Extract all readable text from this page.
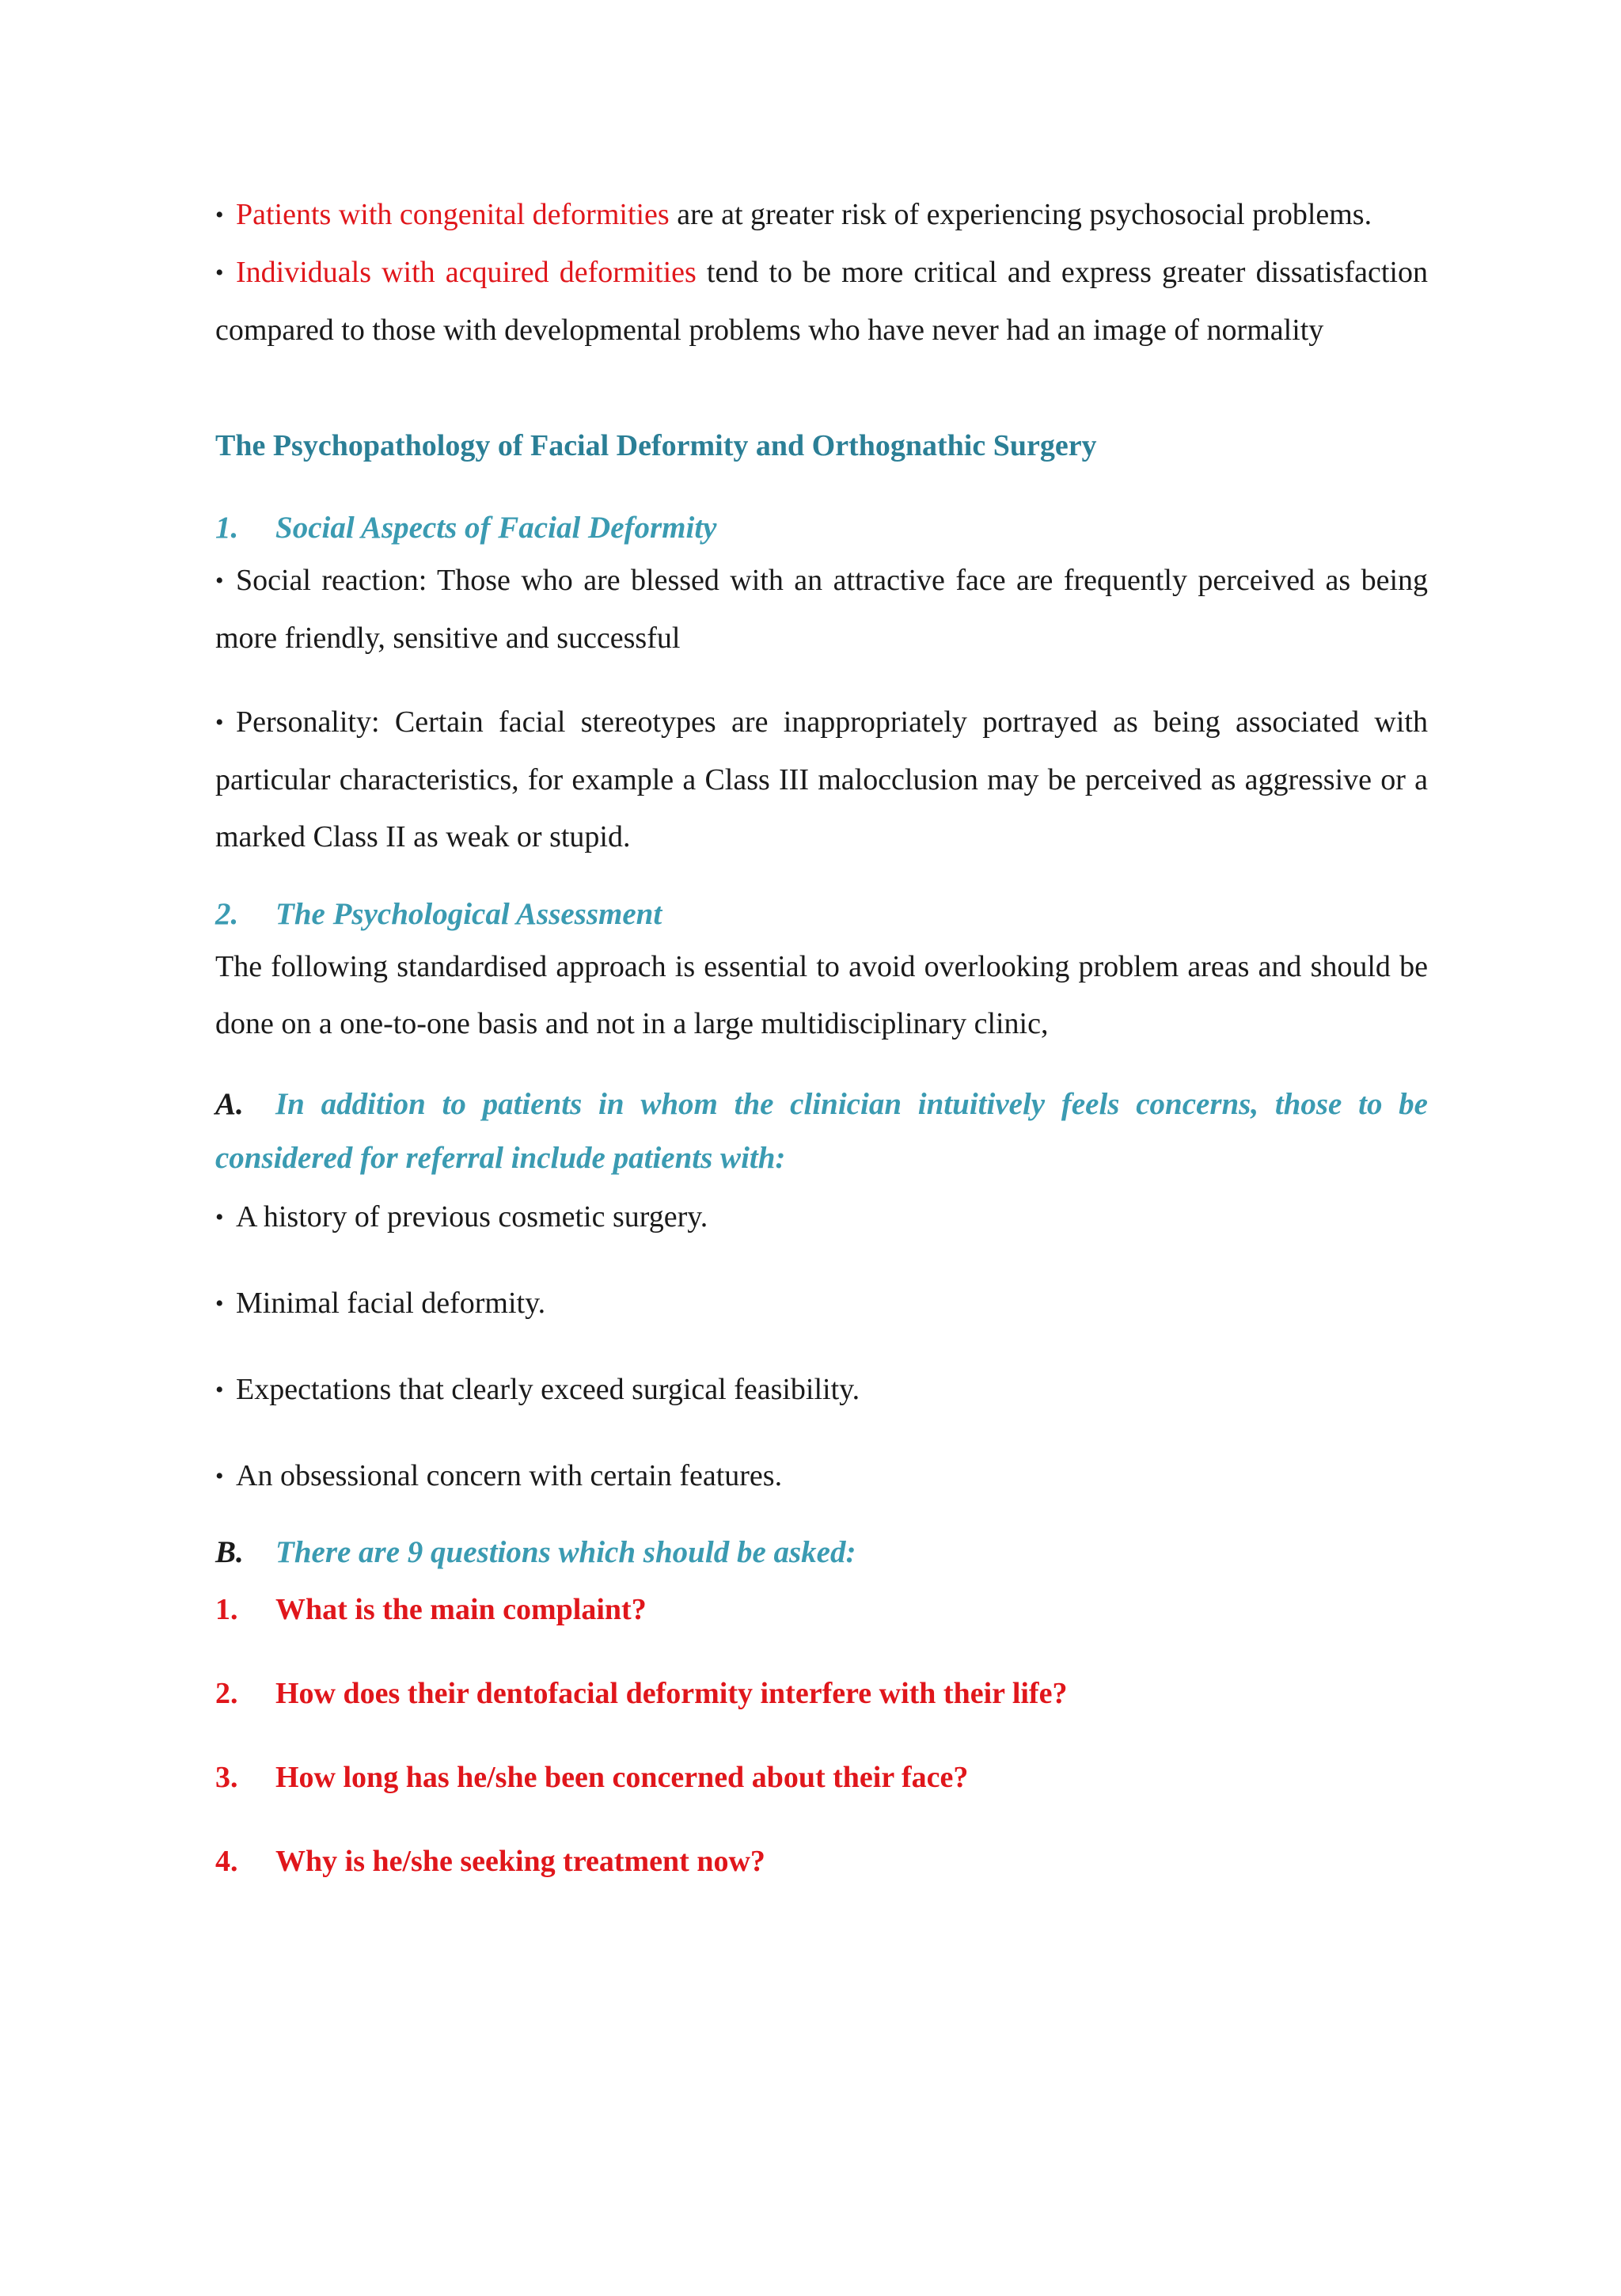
• Patients with congenital deformities are at greater risk of experiencing psychosocial problems.

• Individuals with acquired deformities tend to be more critical and express greater dissatisfaction compared to those with developmental problems who have never had an image of normality

The Psychopathology of Facial Deformity and Orthognathic Surgery

1. Social Aspects of Facial Deformity

• Social reaction: Those who are blessed with an attractive face are frequently perceived as being more friendly, sensitive and successful

• Personality: Certain facial stereotypes are inappropriately portrayed as being associated with particular characteristics, for example a Class III malocclusion may be perceived as aggressive or a marked Class II as weak or stupid.

2. The Psychological Assessment

The following standardised approach is essential to avoid overlooking problem areas and should be done on a one-to-one basis and not in a large multidisciplinary clinic,

A. In addition to patients in whom the clinician intuitively feels concerns, those to be considered for referral include patients with:

• A history of previous cosmetic surgery.

• Minimal facial deformity.

• Expectations that clearly exceed surgical feasibility.

• An obsessional concern with certain features.

B. There are 9 questions which should be asked:

1. What is the main complaint?

2. How does their dentofacial deformity interfere with their life?

3. How long has he/she been concerned about their face?

4. Why is he/she seeking treatment now?
